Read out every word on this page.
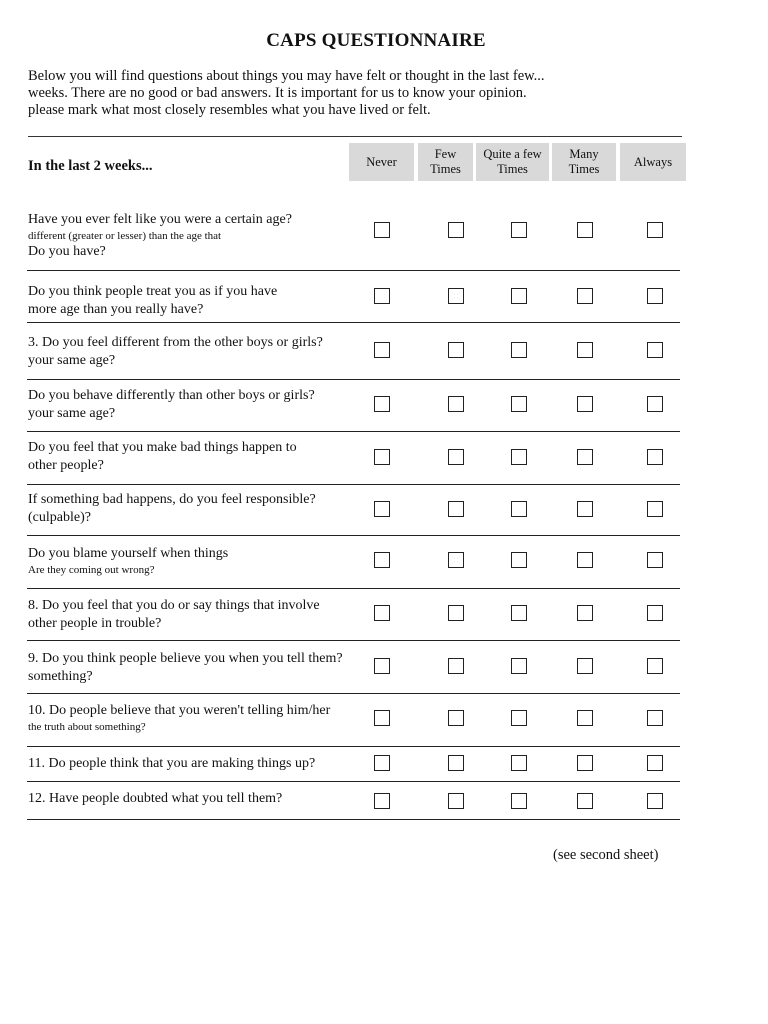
CAPS QUESTIONNAIRE
Below you will find questions about things you may have felt or thought in the last few...
weeks. There are no good or bad answers. It is important for us to know your opinion.
please mark what most closely resembles what you have lived or felt.
In the last 2 weeks...	Never
Few
Times
Quite a few
Times
Many
Times
Always
Have you ever felt like you were a certain age?
different (greater or lesser) than the age that
Do you have?
Do you think people treat you as if you have
more age than you really have?
3. Do you feel different from the other boys or girls?
your same age?
Do you behave differently than other boys or girls?
your same age?
Do you feel that you make bad things happen to
other people?
If something bad happens, do you feel responsible?
(culpable)?
Do you blame yourself when things
Are they coming out wrong?
8. Do you feel that you do or say things that involve
other people in trouble?
9. Do you think people believe you when you tell them?
something?
10. Do people believe that you weren't telling him/her
the truth about something?
11. Do people think that you are making things up?
12. Have people doubted what you tell them?
(see second sheet)
